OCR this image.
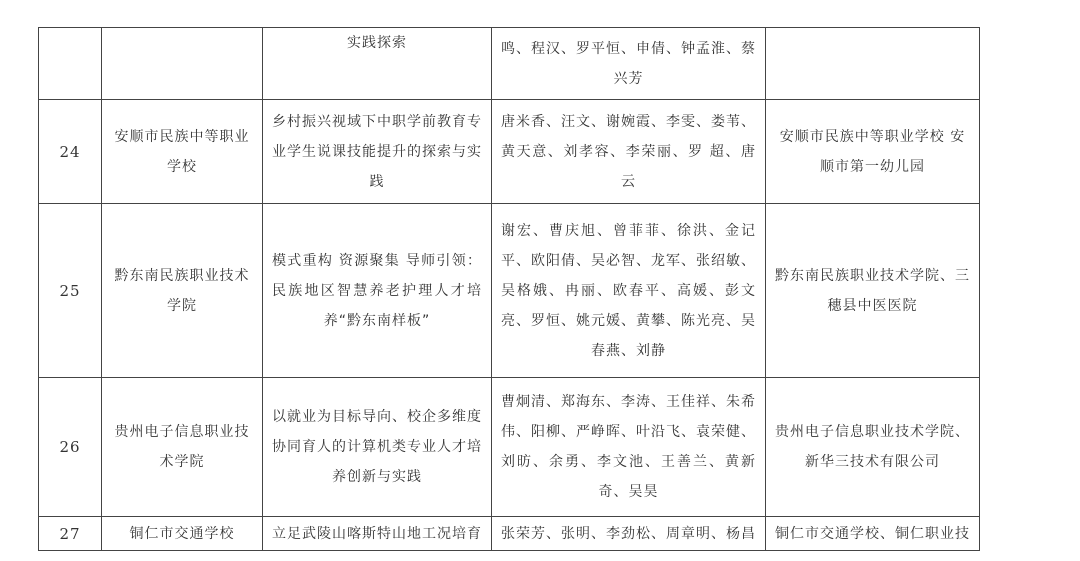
		实践探索	鸣、程汉、罗平恒、申倩、钟孟淮、蔡兴芳	
24	安顺市民族中等职业学校	乡村振兴视域下中职学前教育专业学生说课技能提升的探索与实践	唐米香、汪文、谢婉霞、李雯、娄苇、黄天意、刘孝容、李荣丽、罗 超、唐云	安顺市民族中等职业学校 安顺市第一幼儿园
25	黔东南民族职业技术学院	模式重构 资源聚集 导师引领：民族地区智慧养老护理人才培养“黔东南样板”	谢宏、曹庆旭、曾菲菲、徐洪、金记平、欧阳倩、吴必智、龙军、张绍敏、吴格娥、冉丽、欧春平、高媛、彭文亮、罗恒、姚元媛、黄攀、陈光亮、吴春燕、刘静	黔东南民族职业技术学院、三穗县中医医院
26	贵州电子信息职业技术学院	以就业为目标导向、校企多维度协同育人的计算机类专业人才培养创新与实践	曹炯清、郑海东、李涛、王佳祥、朱希伟、阳柳、严峥晖、叶沿飞、袁荣健、刘昉、余勇、李文池、王善兰、黄新奇、吴昊	贵州电子信息职业技术学院、新华三技术有限公司
27	铜仁市交通学校	立足武陵山喀斯特山地工况培育	张荣芳、张明、李劲松、周章明、杨昌	铜仁市交通学校、铜仁职业技
